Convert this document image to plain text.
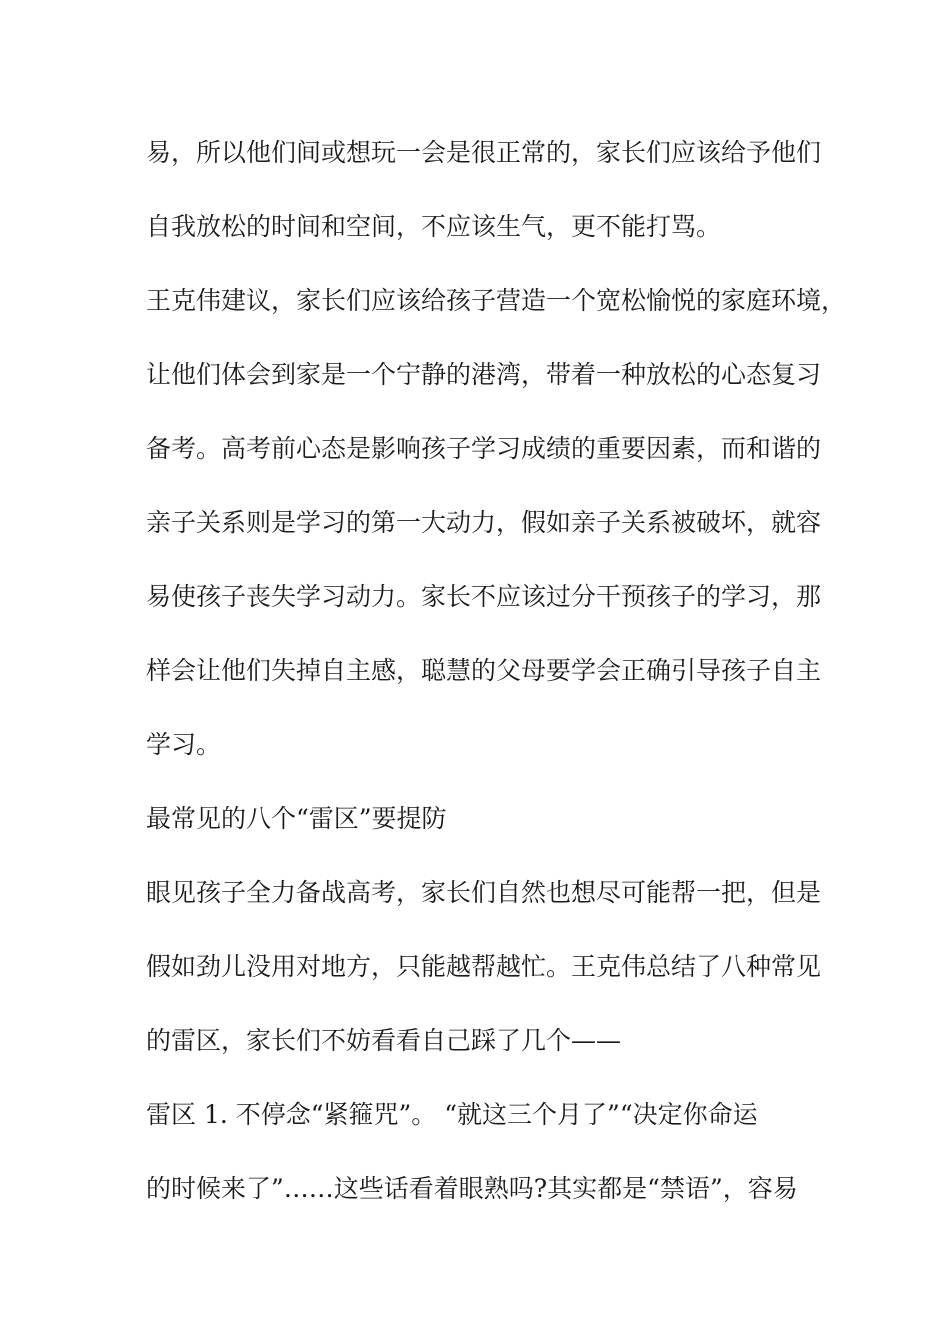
易，所以他们间或想玩一会是很正常的，家长们应该给予他们
自我放松的时间和空间，不应该生气，更不能打骂。
王克伟建议，家长们应该给孩子营造一个宽松愉悦的家庭环境，
让他们体会到家是一个宁静的港湾，带着一种放松的心态复习
备考。高考前心态是影响孩子学习成绩的重要因素，而和谐的
亲子关系则是学习的第一大动力，假如亲子关系被破坏，就容
易使孩子丧失学习动力。家长不应该过分干预孩子的学习，那
样会让他们失掉自主感，聪慧的父母要学会正确引导孩子自主
学习。
最常见的八个“雷区”要提防
眼见孩子全力备战高考，家长们自然也想尽可能帮一把，但是
假如劲儿没用对地方，只能越帮越忙。王克伟总结了八种常见
的雷区，家长们不妨看看自己踩了几个——
雷区 1. 不停念“紧箍咒”。 “就这三个月了”“决定你命运
的时候来了”……这些话看着眼熟吗?其实都是“禁语”，容易
